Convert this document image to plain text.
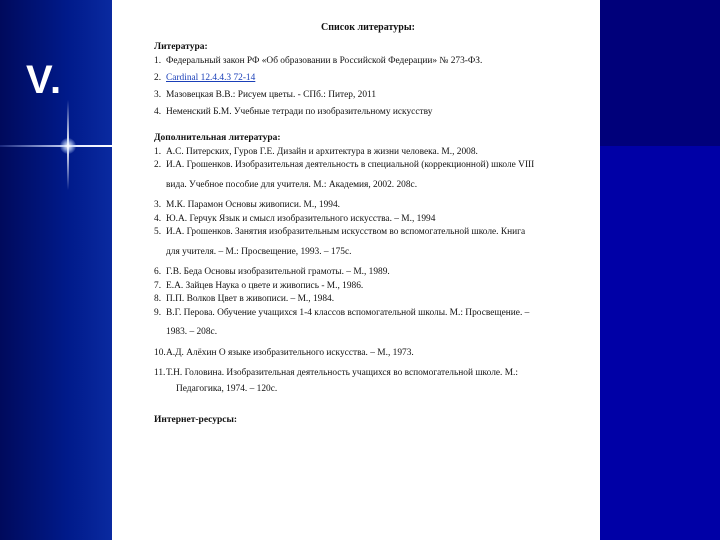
V.
Список литературы:
Литература:
1. Федеральный закон РФ «Об образовании в Российской Федерации» № 273-ФЗ.
2. Cardinal 12.4.4.3 72-14
3. Мазовецкая В.В.: Рисуем цветы. - СПб.: Питер, 2011
4. Неменский Б.М. Учебные тетради по изобразительному искусству
Дополнительная литература:
1. А.С. Питерских, Гуров Г.Е. Дизайн и архитектура в жизни человека. М., 2008.
2. И.А. Грошенков. Изобразительная деятельность в специальной (коррекционной) школе VIII
вида. Учебное пособие для учителя. М.: Академия, 2002. 208с.
3. М.К. Парамон Основы живописи. М., 1994.
4. Ю.А. Герчук Язык и смысл изобразительного искусства. – М., 1994
5. И.А. Грошенков. Занятия изобразительным искусством во вспомогательной школе. Книга
для учителя. – М.: Просвещение, 1993. – 175с.
6. Г.В. Беда Основы изобразительной грамоты. – М., 1989.
7. Е.А. Зайцев Наука о цвете и живопись - М., 1986.
8. П.П. Волков Цвет в живописи. – М., 1984.
9. В.Г. Перова. Обучение учащихся 1-4 классов вспомогательной школы. М.: Просвещение. –
1983. – 208с.
10. А.Д. Алёхин О языке изобразительного искусства. – М., 1973.
11. Т.Н. Головина. Изобразительная деятельность учащихся во вспомогательной школе. М.:
Педагогика, 1974. – 120с.
Интернет-ресурсы:
